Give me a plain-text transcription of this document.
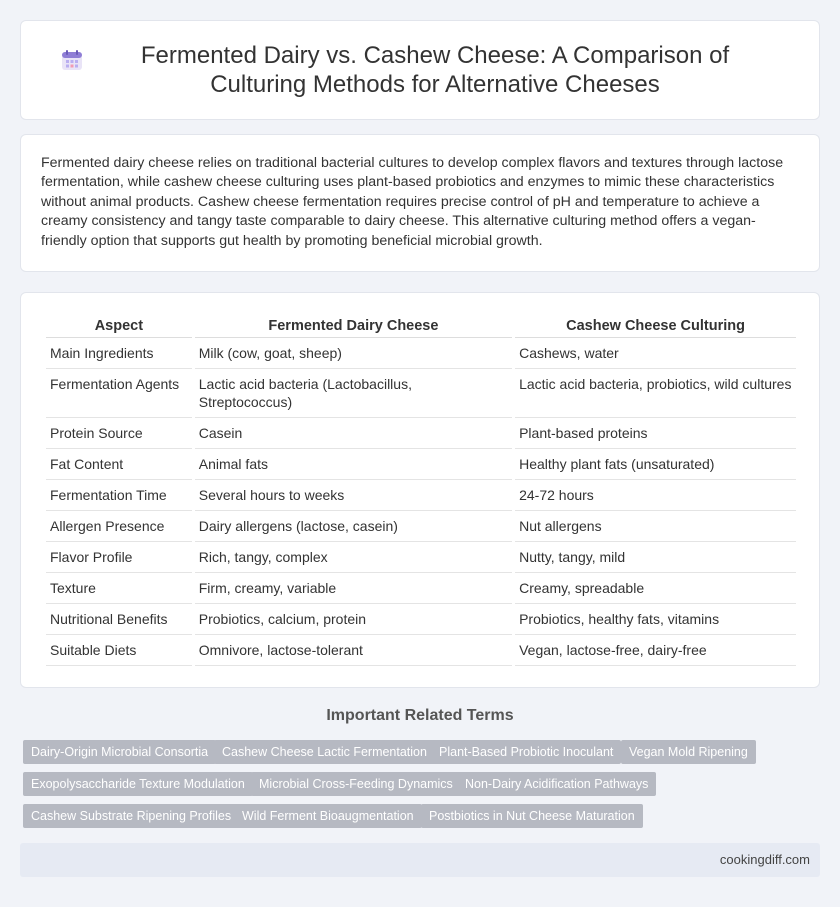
Fermented Dairy vs. Cashew Cheese: A Comparison of Culturing Methods for Alternative Cheeses

Fermented dairy cheese relies on traditional bacterial cultures to develop complex flavors and textures through lactose fermentation, while cashew cheese culturing uses plant-based probiotics and enzymes to mimic these characteristics without animal products. Cashew cheese fermentation requires precise control of pH and temperature to achieve a creamy consistency and tangy taste comparable to dairy cheese. This alternative culturing method offers a vegan-friendly option that supports gut health by promoting beneficial microbial growth.

Aspect	Fermented Dairy Cheese	Cashew Cheese Culturing
Main Ingredients	Milk (cow, goat, sheep)	Cashews, water
Fermentation Agents	Lactic acid bacteria (Lactobacillus, Streptococcus)	Lactic acid bacteria, probiotics, wild cultures
Protein Source	Casein	Plant-based proteins
Fat Content	Animal fats	Healthy plant fats (unsaturated)
Fermentation Time	Several hours to weeks	24-72 hours
Allergen Presence	Dairy allergens (lactose, casein)	Nut allergens
Flavor Profile	Rich, tangy, complex	Nutty, tangy, mild
Texture	Firm, creamy, variable	Creamy, spreadable
Nutritional Benefits	Probiotics, calcium, protein	Probiotics, healthy fats, vitamins
Suitable Diets	Omnivore, lactose-tolerant	Vegan, lactose-free, dairy-free
Important Related Terms
Dairy-Origin Microbial Consortia	Cashew Cheese Lactic Fermentation Plant-Based Probiotic Inoculant	Vegan Mold Ripening
Exopolysaccharide Texture Modulation	Microbial Cross-Feeding Dynamics Non-Dairy Acidification Pathways
Cashew Substrate Ripening Profiles Wild Ferment Bioaugmentation	Postbiotics in Nut Cheese Maturation
cookingdiff.com
